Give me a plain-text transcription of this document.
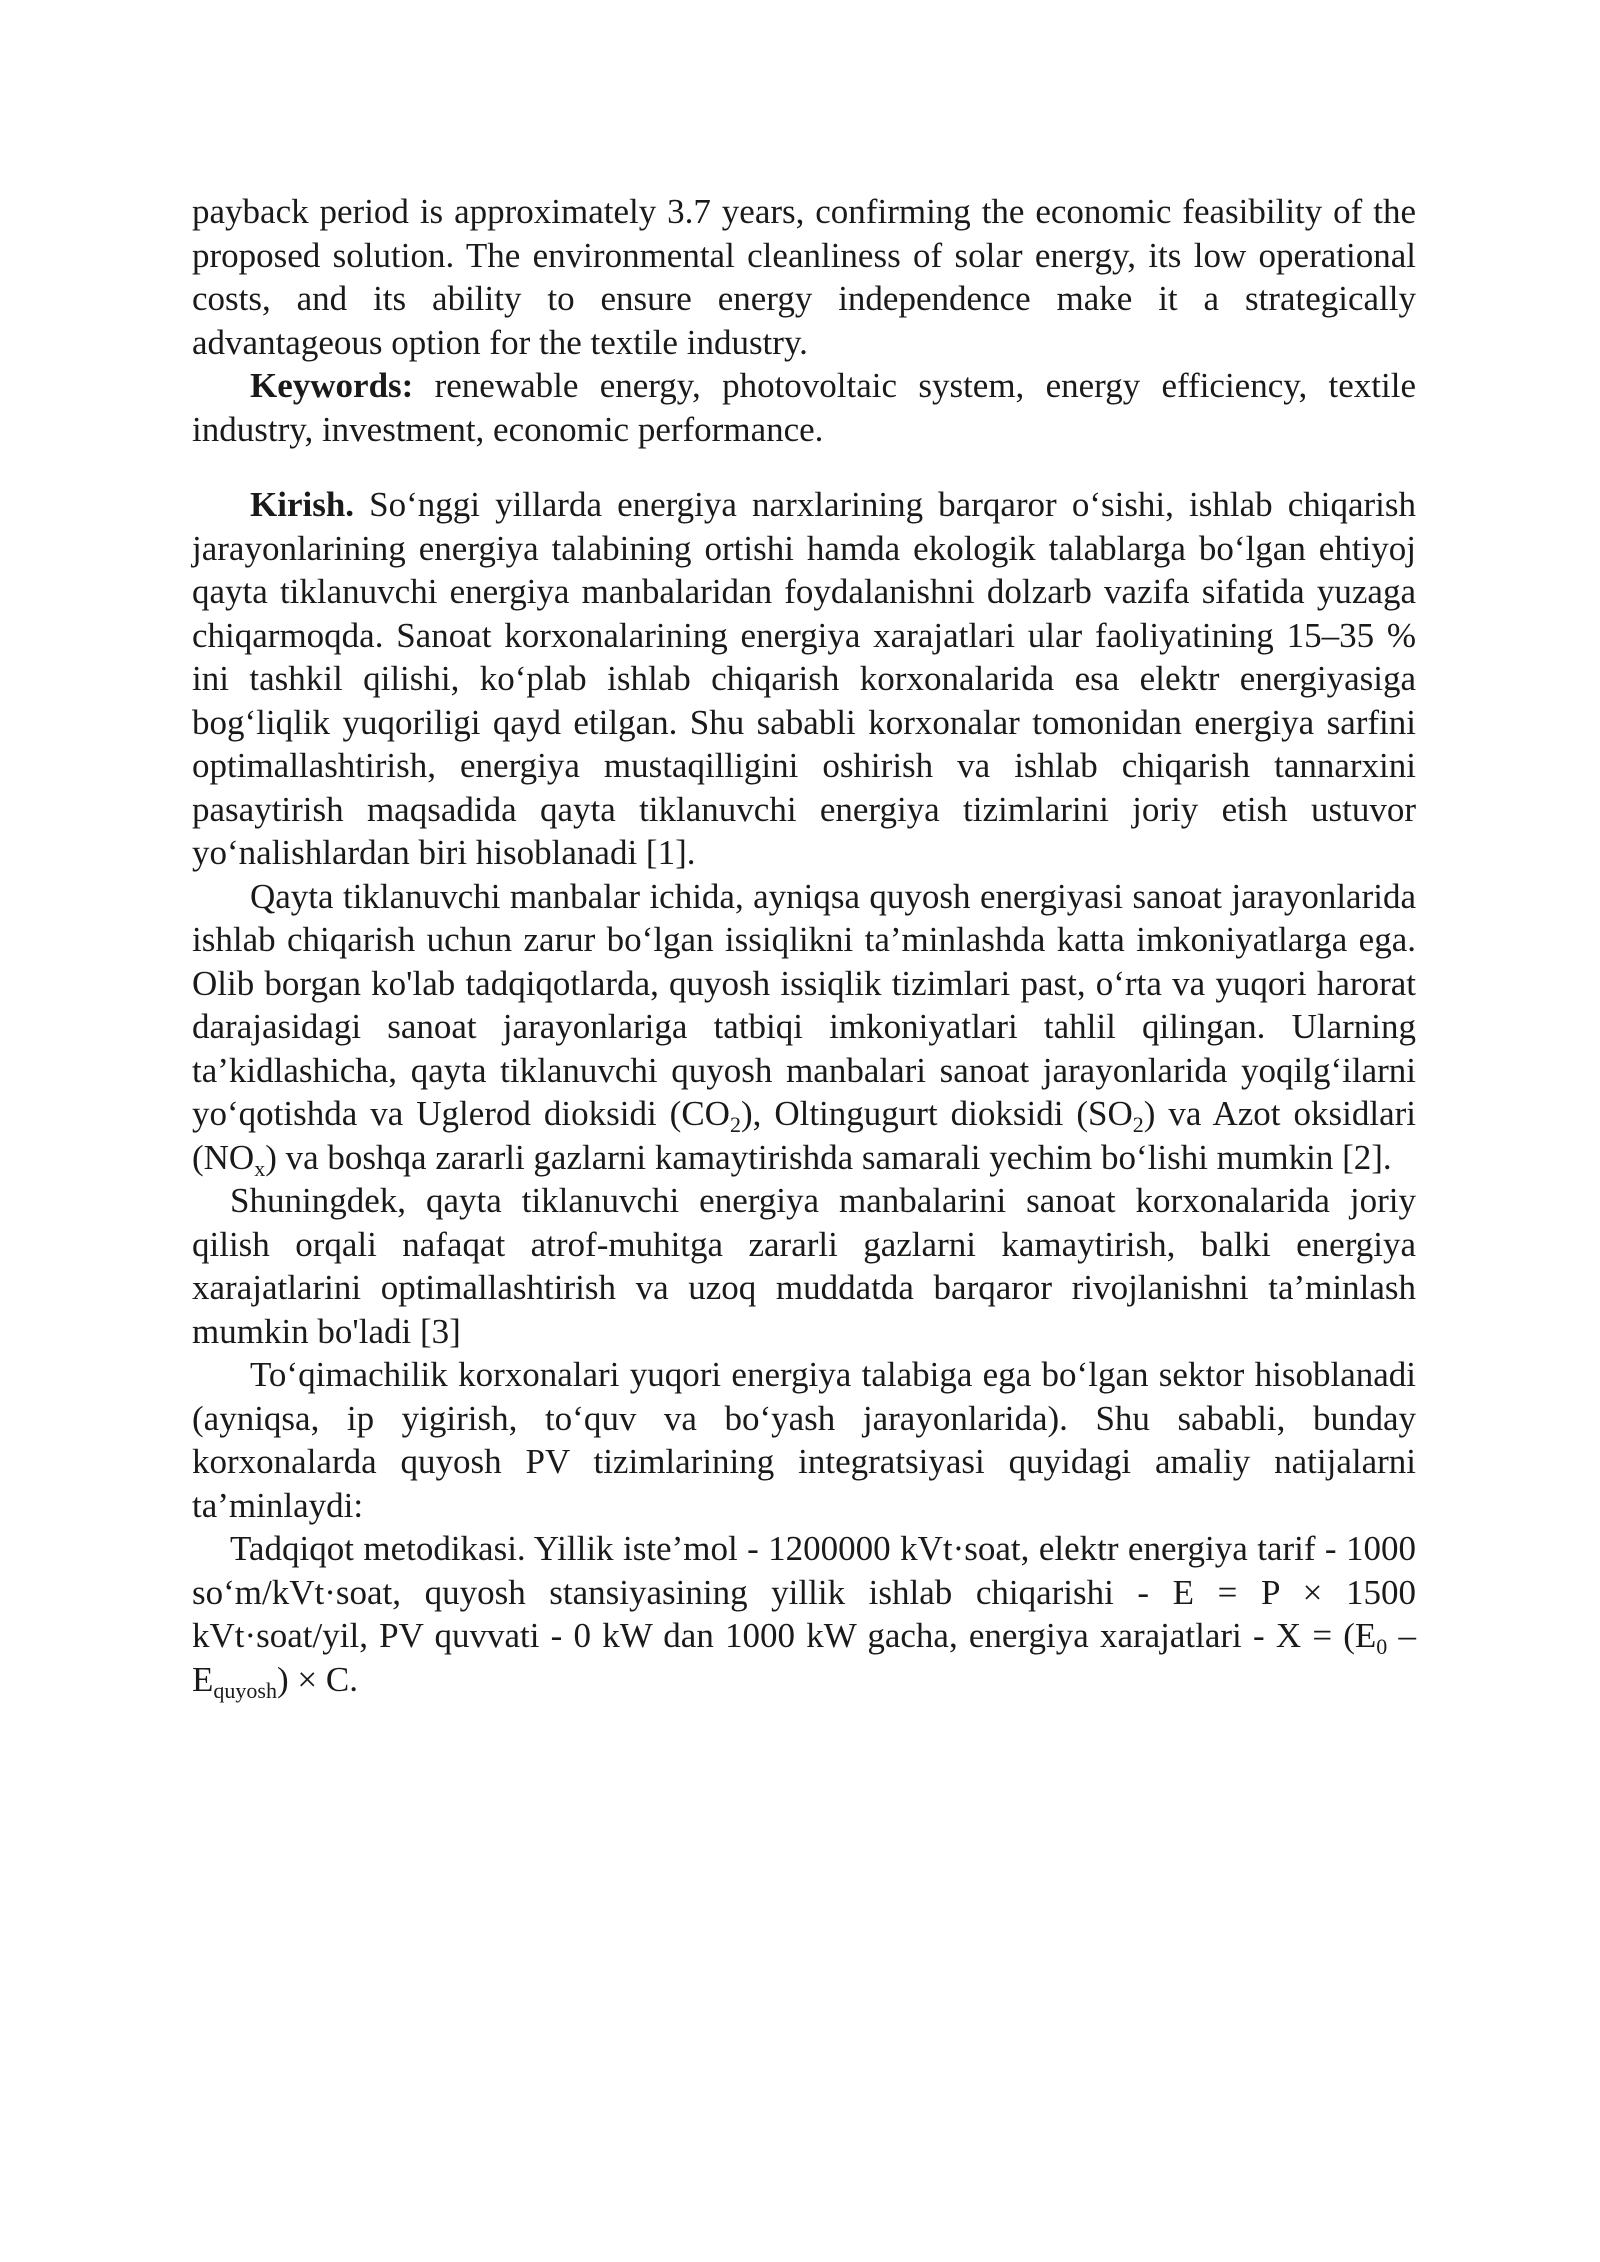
payback period is approximately 3.7 years, confirming the economic feasibility of the proposed solution. The environmental cleanliness of solar energy, its low operational costs, and its ability to ensure energy independence make it a strategically advantageous option for the textile industry.

Keywords: renewable energy, photovoltaic system, energy efficiency, textile industry, investment, economic performance.

Kirish. So‘nggi yillarda energiya narxlarining barqaror o‘sishi, ishlab chiqarish jarayonlarining energiya talabining ortishi hamda ekologik talablarga bo‘lgan ehtiyoj qayta tiklanuvchi energiya manbalaridan foydalanishni dolzarb vazifa sifatida yuzaga chiqarmoqda. Sanoat korxonalarining energiya xarajatlari ular faoliyatining 15–35 % ini tashkil qilishi, ko‘plab ishlab chiqarish korxonalarida esa elektr energiyasiga bog‘liqlik yuqoriligi qayd etilgan. Shu sababli korxonalar tomonidan energiya sarfini optimallashtirish, energiya mustaqilligini oshirish va ishlab chiqarish tannarxini pasaytirish maqsadida qayta tiklanuvchi energiya tizimlarini joriy etish ustuvor yo‘nalishlardan biri hisoblanadi [1].

Qayta tiklanuvchi manbalar ichida, ayniqsa quyosh energiyasi sanoat jarayonlarida ishlab chiqarish uchun zarur bo‘lgan issiqlikni ta’minlashda katta imkoniyatlarga ega. Olib borgan ko'lab tadqiqotlarda, quyosh issiqlik tizimlari past, o‘rta va yuqori harorat darajasidagi sanoat jarayonlariga tatbiqi imkoniyatlari tahlil qilingan. Ularning ta’kidlashicha, qayta tiklanuvchi quyosh manbalari sanoat jarayonlarida yoqilg‘ilarni yo‘qotishda va Uglerod dioksidi $(CO_2)$, Oltingugurt dioksidi $(SO_2)$ va Azot oksidlari $(NO_x)$ va boshqa zararli gazlarni kamaytirishda samarali yechim bo‘lishi mumkin [2].

Shuningdek, qayta tiklanuvchi energiya manbalarini sanoat korxonalarida joriy qilish orqali nafaqat atrof-muhitga zararli gazlarni kamaytirish, balki energiya xarajatlarini optimallashtirish va uzoq muddatda barqaror rivojlanishni ta’minlash mumkin bo'ladi [3]

To‘qimachilik korxonalari yuqori energiya talabiga ega bo‘lgan sektor hisoblanadi (ayniqsa, ip yigirish, to‘quv va bo‘yash jarayonlarida). Shu sababli, bunday korxonalarda quyosh PV tizimlarining integratsiyasi quyidagi amaliy natijalarni ta’minlaydi:

Tadqiqot metodikasi. Yillik iste’mol - 1200000 kVt·soat, elektr energiya tarif - 1000 so‘m/kVt·soat, quyosh stansiyasining yillik ishlab chiqarishi - E = P × 1500 kVt·soat/yil, PV quvvati - 0 kW dan 1000 kW gacha, energiya xarajatlari - $X = (E_0 - E_{quyosh}) \times C$.
